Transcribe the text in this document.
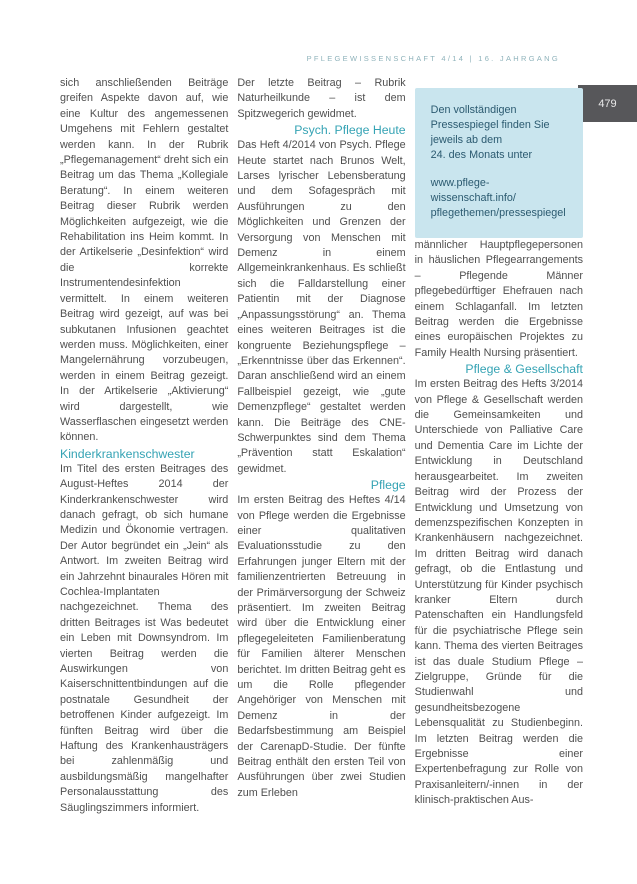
PFLEGEWISSENSCHAFT 4/14 | 16. JAHRGANG
479

sich anschließenden Beiträge greifen Aspekte davon auf, wie eine Kultur des angemessenen Umgehens mit Fehlern gestaltet werden kann. In der Rubrik „Pflegemanagement“ dreht sich ein Beitrag um das Thema „Kollegiale Beratung“. In einem weiteren Beitrag dieser Rubrik werden Möglichkeiten aufgezeigt, wie die Rehabilitation ins Heim kommt. In der Artikelserie „Desinfektion“ wird die korrekte Instrumentendesinfektion vermittelt. In einem weiteren Beitrag wird gezeigt, auf was bei subkutanen Infusionen geachtet werden muss. Möglichkeiten, einer Mangelernährung vorzubeugen, werden in einem Beitrag gezeigt. In der Artikelserie „Aktivierung“ wird dargestellt, wie Wasserflaschen eingesetzt werden können.

Kinderkrankenschwester

Im Titel des ersten Beitrages des August-Heftes 2014 der Kinderkrankenschwester wird danach gefragt, ob sich humane Medizin und Ökonomie vertragen. Der Autor begründet ein „Jein“ als Antwort. Im zweiten Beitrag wird ein Jahrzehnt binaurales Hören mit Cochlea-Implantaten nachgezeichnet. Thema des dritten Beitrages ist Was bedeutet ein Leben mit Downsyndrom. Im vierten Beitrag werden die Auswirkungen von Kaiserschnittentbindungen auf die postnatale Gesundheit der betroffenen Kinder aufgezeigt. Im fünften Beitrag wird über die Haftung des Krankenhausträgers bei zahlenmäßig und ausbildungsmäßig mangelhafter Personalausstattung des Säuglingszimmers informiert.

Der letzte Beitrag – Rubrik Naturheilkunde – ist dem Spitzwegerich gewidmet.

Psych. Pflege Heute

Das Heft 4/2014 von Psych. Pflege Heute startet nach Brunos Welt, Larses lyrischer Lebensberatung und dem Sofagespräch mit Ausführungen zu den Möglichkeiten und Grenzen der Versorgung von Menschen mit Demenz in einem Allgemeinkrankenhaus. Es schließt sich die Falldarstellung einer Patientin mit der Diagnose „Anpassungsstörung“ an. Thema eines weiteren Beitrages ist die kongruente Beziehungspflege – „Erkenntnisse über das Erkennen“. Daran anschließend wird an einem Fallbeispiel gezeigt, wie „gute Demenzpflege“ gestaltet werden kann. Die Beiträge des CNE-Schwerpunktes sind dem Thema „Prävention statt Eskalation“ gewidmet.

Pflege

Im ersten Beitrag des Heftes 4/14 von Pflege werden die Ergebnisse einer qualitativen Evaluationsstudie zu den Erfahrungen junger Eltern mit der familienzentrierten Betreuung in der Primärversorgung der Schweiz präsentiert. Im zweiten Beitrag wird über die Entwicklung einer pflegegeleiteten Familienberatung für Familien älterer Menschen berichtet. Im dritten Beitrag geht es um die Rolle pflegender Angehöriger von Menschen mit Demenz in der Bedarfsbestimmung am Beispiel der CarenapD-Studie. Der fünfte Beitrag enthält den ersten Teil von Ausführungen über zwei Studien zum Erleben

Den vollständigen
Pressespiegel finden Sie
jeweils ab dem
24. des Monats unter
www.pflege-wissenschaft.info/
pflegethemen/pressespiegel

männlicher Hauptpflegepersonen in häuslichen Pflegearrangements – Pflegende Männer pflegebedürftiger Ehefrauen nach einem Schlaganfall. Im letzten Beitrag werden die Ergebnisse eines europäischen Projektes zu Family Health Nursing präsentiert.

Pflege & Gesellschaft

Im ersten Beitrag des Hefts 3/2014 von Pflege & Gesellschaft werden die Gemeinsamkeiten und Unterschiede von Palliative Care und Dementia Care im Lichte der Entwicklung in Deutschland herausgearbeitet. Im zweiten Beitrag wird der Prozess der Entwicklung und Umsetzung von demenzspezifischen Konzepten in Krankenhäusern nachgezeichnet. Im dritten Beitrag wird danach gefragt, ob die Entlastung und Unterstützung für Kinder psychisch kranker Eltern durch Patenschaften ein Handlungsfeld für die psychiatrische Pflege sein kann. Thema des vierten Beitrages ist das duale Studium Pflege – Zielgruppe, Gründe für die Studienwahl und gesundheitsbezogene Lebensqualität zu Studienbeginn. Im letzten Beitrag werden die Ergebnisse einer Expertenbefragung zur Rolle von Praxisanleitern/-innen in der klinisch-praktischen Aus-
